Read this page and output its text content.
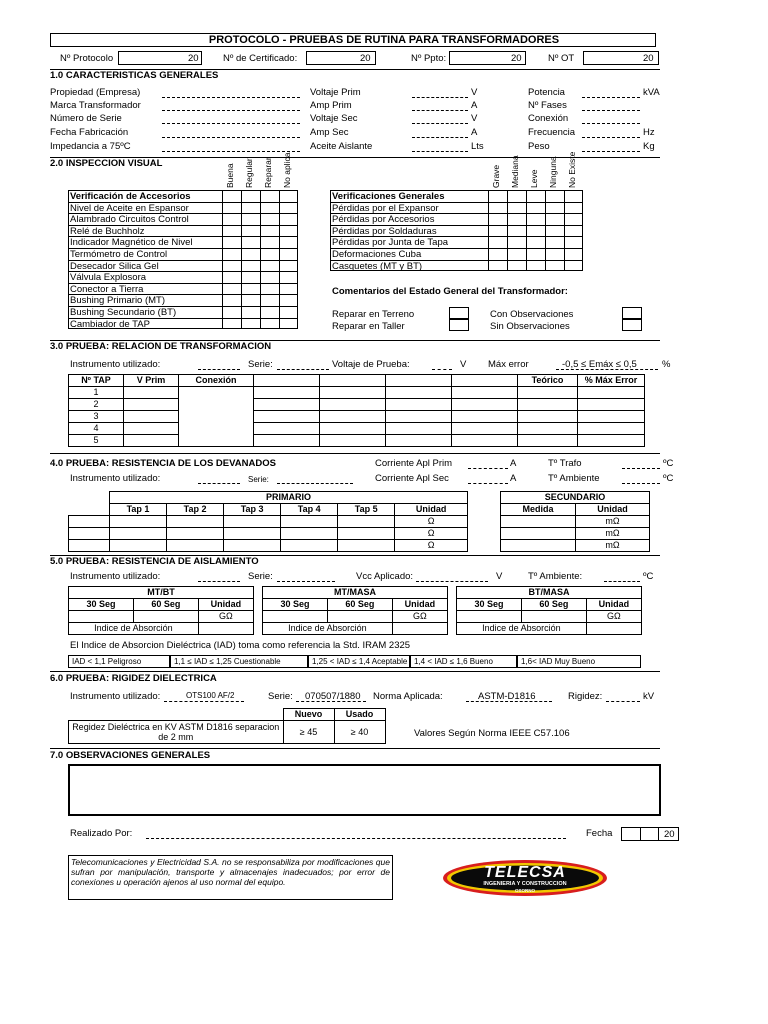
PROTOCOLO - PRUEBAS DE RUTINA PARA TRANSFORMADORES
Nº Protocolo	20	Nº de Certificado:	20	Nº Ppto:	20	Nº OT	20
1.0 CARACTERISTICAS GENERALES
Propiedad (Empresa)	Voltaje Prim	V	Potencia	kVA
Marca Transformador	Amp Prim	A	Nº Fases
Número de Serie	Voltaje Sec	V	Conexión
Fecha Fabricación	Amp Sec	A	Frecuencia	Hz
Impedancia a 75ºC	Aceite Aislante	Lts	Peso	Kg
2.0 INSPECCION VISUAL	Buena Regular Reparar No aplica
Verificación de Accesorios
Nivel de Aceite en Espansor
Alambrado Circuitos Control
Relé de Buchholz
Indicador Magnético de Nivel
Termómetro de Control
Desecador Silica Gel
Válvula Explosora
Conector a Tierra
Bushing Primario (MT)
Bushing Secundario (BT)
Cambiador de TAP
Grave Mediana Leve Ninguna No Existe
Verificaciones Generales
Pérdidas por el Expansor
Pérdidas por Accesorios
Pérdidas por Soldaduras
Pérdidas por Junta de Tapa
Deformaciones Cuba
Casquetes (MT y BT)
Comentarios del Estado General del Transformador:
Reparar en Terreno
Reparar en Taller
Con Observaciones
Sin Observaciones
3.0 PRUEBA: RELACION DE TRANSFORMACION
Instrumento utilizado:	Serie:	Voltaje de Prueba:	V Máx error	-0,5 ≤ Emáx ≤ 0,5	%
Nº TAP	V Prim	Conexión					Teórico	% Máx Error
1								
2								
3								
4								
5								
4.0 PRUEBA: RESISTENCIA DE LOS DEVANADOS	Corriente Apl Prim	A	Tº Trafo	ºC
Instrumento utilizado:	Serie:	Corriente Apl Sec	A	Tº Ambiente	ºC
	PRIMARIO					
	Tap 1	Tap 2	Tap 3	Tap 4	Tap 5	Unidad
						Ω
						Ω
						Ω
SECUNDARIO	
Medida	Unidad
	mΩ
	mΩ
	mΩ
5.0 PRUEBA: RESISTENCIA DE AISLAMIENTO
Instrumento utilizado:	Serie:	Vcc Aplicado:	V	Tº Ambiente:	ºC
MT/BT		
30 Seg	60 Seg	Unidad
		GΩ
Indice de Absorción		
MT/MASA		
30 Seg	60 Seg	Unidad
		GΩ
Indice de Absorción		
BT/MASA		
30 Seg	60 Seg	Unidad
		GΩ
Indice de Absorción		
El Indice de Absorcion Dieléctrica (IAD) toma como referencia la Std. IRAM 2325
IAD < 1,1 Peligroso	1,1 ≤ IAD ≤ 1,25 Cuestionable	1,25 < IAD ≤ 1,4 Aceptable 1,4 < IAD ≤ 1,6 Bueno	1,6< IAD Muy Bueno
6.0 PRUEBA: RIGIDEZ DIELECTRICA
Instrumento utilizado:	OTS100 AF/2	Serie: 070507/1880 Norma Aplicada:	ASTM-D1816	Rigidez:	kV
	Nuevo	Usado
Regidez Dieléctrica en KV ASTM D1816 separacion de 2 mm	≥ 45	≥ 40	Valores Según Norma IEEE C57.106
7.0 OBSERVACIONES GENERALES
Realizado Por:	Fecha	20
Telecomunicaciones y Electricidad S.A. no se responsabiliza por modificaciones que sufran por manipulación, transporte y almacenajes inadecuados; por error de conexiones u operación ajenos al uso normal del equipo.
TELECSA
INGENIERIA Y CONSTRUCCION
OSORNO
